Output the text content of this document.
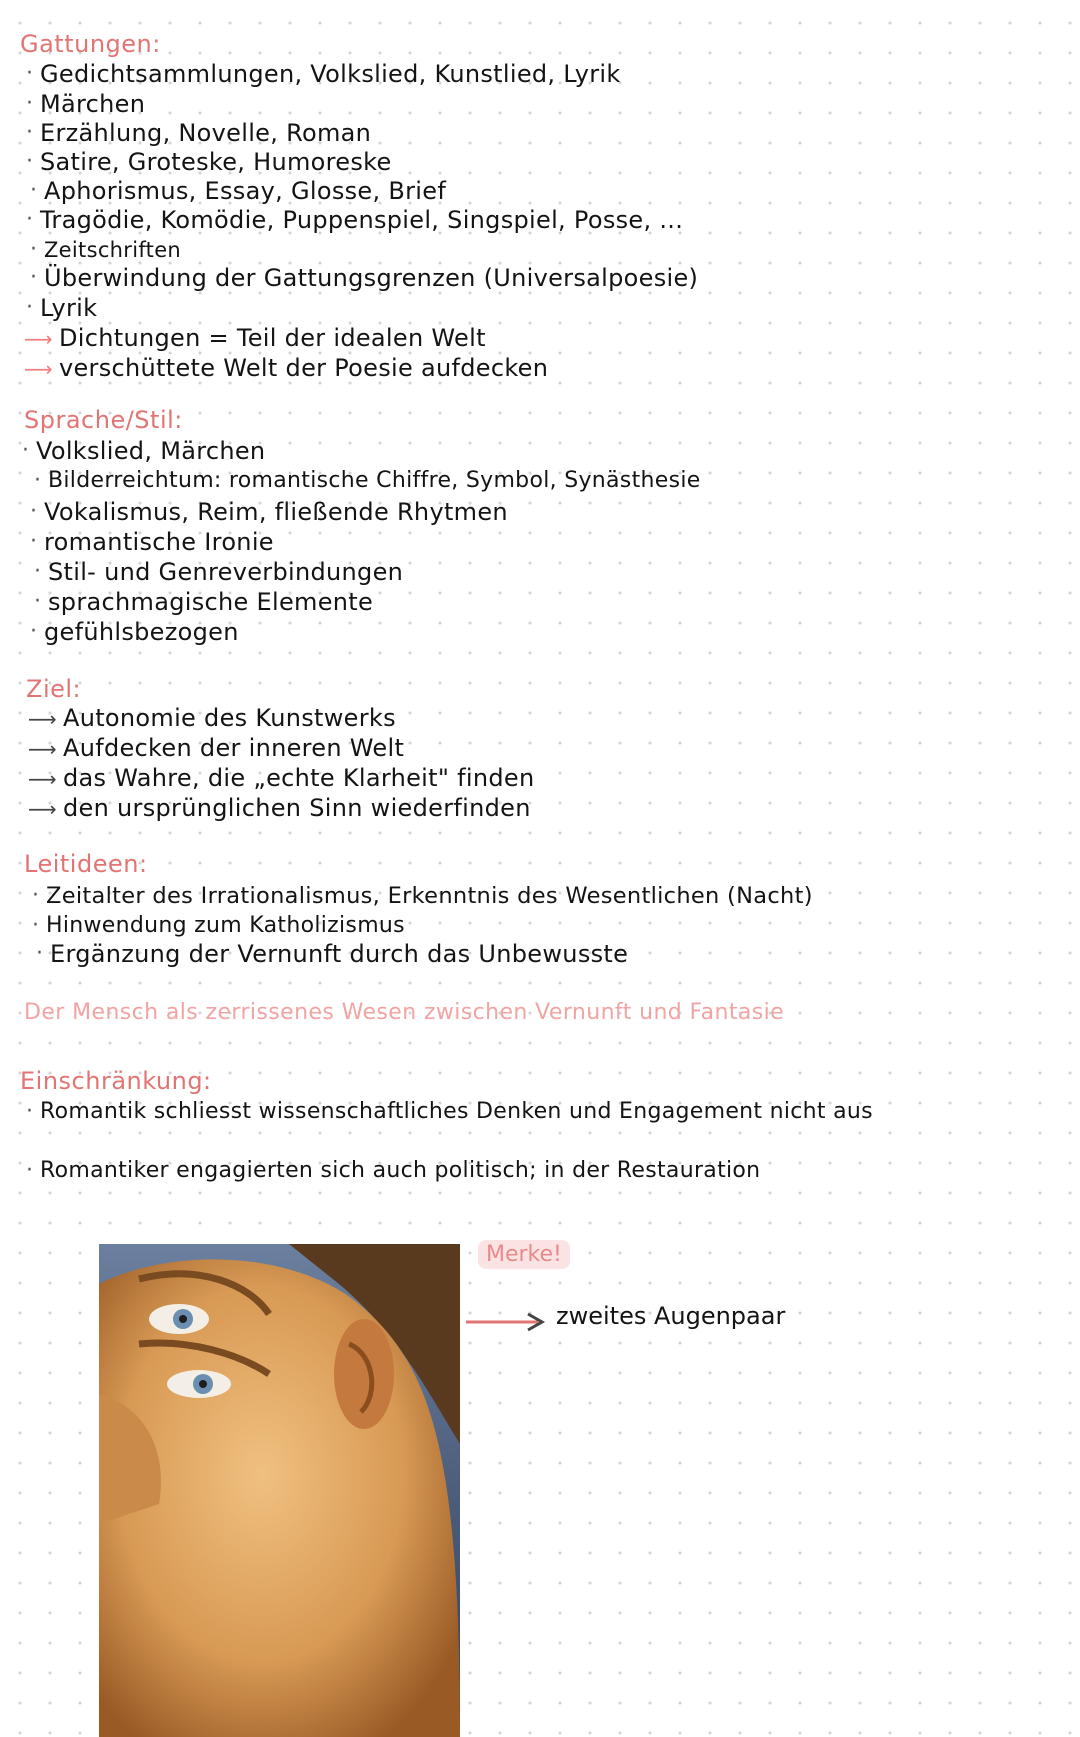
Gattungen:
· Gedichtsammlungen, Volkslied, Kunstlied, Lyrik
· Märchen
· Erzählung, Novelle, Roman
· Satire, Groteske, Humoreske
· Aphorismus, Essay, Glosse, Brief
· Tragödie, Komödie, Puppenspiel, Singspiel, Posse, ...
· Zeitschriften
· Überwindung der Gattungsgrenzen (Universalpoesie)
· Lyrik
⟶ Dichtungen = Teil der idealen Welt
⟶ verschüttete Welt der Poesie aufdecken
Sprache/Stil:
· Volkslied, Märchen
· Bilderreichtum: romantische Chiffre, Symbol, Synästhesie
· Vokalismus, Reim, fließende Rhytmen
· romantische Ironie
· Stil- und Genreverbindungen
· sprachmagische Elemente
· gefühlsbezogen
Ziel:
⟶ Autonomie des Kunstwerks
⟶ Aufdecken der inneren Welt
⟶ das Wahre, die „echte Klarheit" finden
⟶ den ursprünglichen Sinn wiederfinden
Leitideen:
· Zeitalter des Irrationalismus, Erkenntnis des Wesentlichen (Nacht)
· Hinwendung zum Katholizismus
· Ergänzung der Vernunft durch das Unbewusste
Der Mensch als zerrissenes Wesen zwischen Vernunft und Fantasie
Einschränkung:
· Romantik schliesst wissenschaftliches Denken und Engagement nicht aus
· Romantiker engagierten sich auch politisch; in der Restauration
Merke!
zweites Augenpaar
